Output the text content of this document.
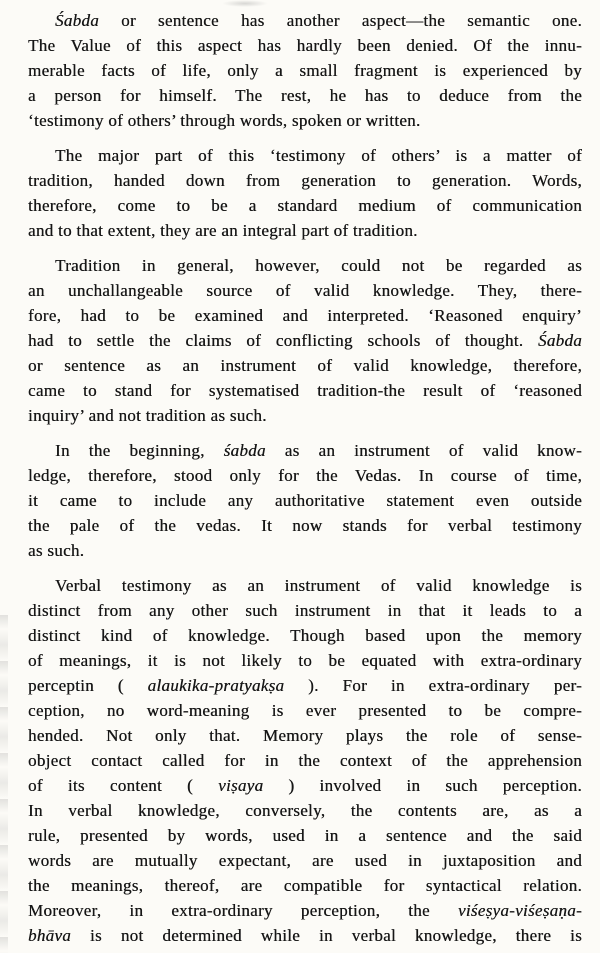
Śabda or sentence has another aspect—the semantic one.
The Value of this aspect has hardly been denied. Of the innu-
merable facts of life, only a small fragment is experienced by
a person for himself. The rest, he has to deduce from the
‘testimony of others’ through words, spoken or written.

The major part of this ‘testimony of others’ is a matter of
tradition, handed down from generation to generation. Words,
therefore, come to be a standard medium of communication
and to that extent, they are an integral part of tradition.

Tradition in general, however, could not be regarded as
an unchallangeable source of valid knowledge. They, there-
fore, had to be examined and interpreted. ‘Reasoned enquiry’
had to settle the claims of conflicting schools of thought. Śabda
or sentence as an instrument of valid knowledge, therefore,
came to stand for systematised tradition-the result of ‘reasoned
inquiry’ and not tradition as such.

In the beginning, śabda as an instrument of valid know-
ledge, therefore, stood only for the Vedas. In course of time,
it came to include any authoritative statement even outside
the pale of the vedas. It now stands for verbal testimony
as such.

Verbal testimony as an instrument of valid knowledge is
distinct from any other such instrument in that it leads to a
distinct kind of knowledge. Though based upon the memory
of meanings, it is not likely to be equated with extra-ordinary
perceptin ( alaukika-pratyakṣa ). For in extra-ordinary per-
ception, no word-meaning is ever presented to be compre-
hended. Not only that. Memory plays the role of sense-
object contact called for in the context of the apprehension
of its content ( viṣaya ) involved in such perception.
In verbal knowledge, conversely, the contents are, as a
rule, presented by words, used in a sentence and the said
words are mutually expectant, are used in juxtaposition and
the meanings, thereof, are compatible for syntactical relation.
Moreover, in extra-ordinary perception, the viśeṣya-viśeṣaṇa-
bhāva is not determined while in verbal knowledge, there is
